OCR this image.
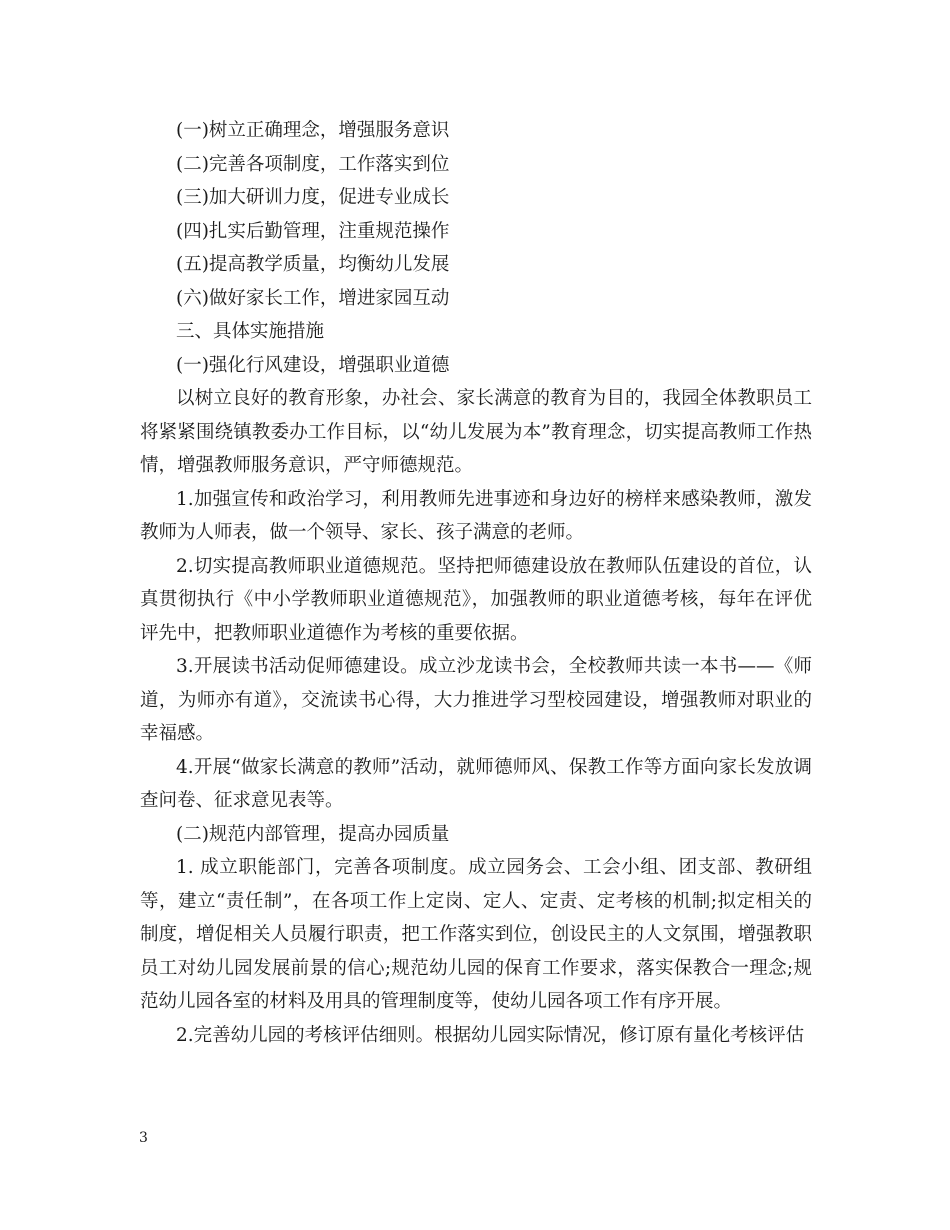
(一)树立正确理念，增强服务意识

(二)完善各项制度，工作落实到位

(三)加大研训力度，促进专业成长

(四)扎实后勤管理，注重规范操作

(五)提高教学质量，均衡幼儿发展

(六)做好家长工作，增进家园互动

三、具体实施措施

(一)强化行风建设，增强职业道德

以树立良好的教育形象，办社会、家长满意的教育为目的，我园全体教职员工将紧紧围绕镇教委办工作目标，以“幼儿发展为本”教育理念，切实提高教师工作热情，增强教师服务意识，严守师德规范。

1.加强宣传和政治学习，利用教师先进事迹和身边好的榜样来感染教师，激发教师为人师表，做一个领导、家长、孩子满意的老师。

2.切实提高教师职业道德规范。坚持把师德建设放在教师队伍建设的首位，认真贯彻执行《中小学教师职业道德规范》，加强教师的职业道德考核，每年在评优评先中，把教师职业道德作为考核的重要依据。

3.开展读书活动促师德建设。成立沙龙读书会，全校教师共读一本书——《师道，为师亦有道》，交流读书心得，大力推进学习型校园建设，增强教师对职业的幸福感。

4.开展“做家长满意的教师”活动，就师德师风、保教工作等方面向家长发放调查问卷、征求意见表等。

(二)规范内部管理，提高办园质量

1. 成立职能部门，完善各项制度。成立园务会、工会小组、团支部、教研组等，建立“责任制”，在各项工作上定岗、定人、定责、定考核的机制;拟定相关的制度，增促相关人员履行职责，把工作落实到位，创设民主的人文氛围，增强教职员工对幼儿园发展前景的信心;规范幼儿园的保育工作要求，落实保教合一理念;规范幼儿园各室的材料及用具的管理制度等，使幼儿园各项工作有序开展。

2.完善幼儿园的考核评估细则。根据幼儿园实际情况，修订原有量化考核评估

3
